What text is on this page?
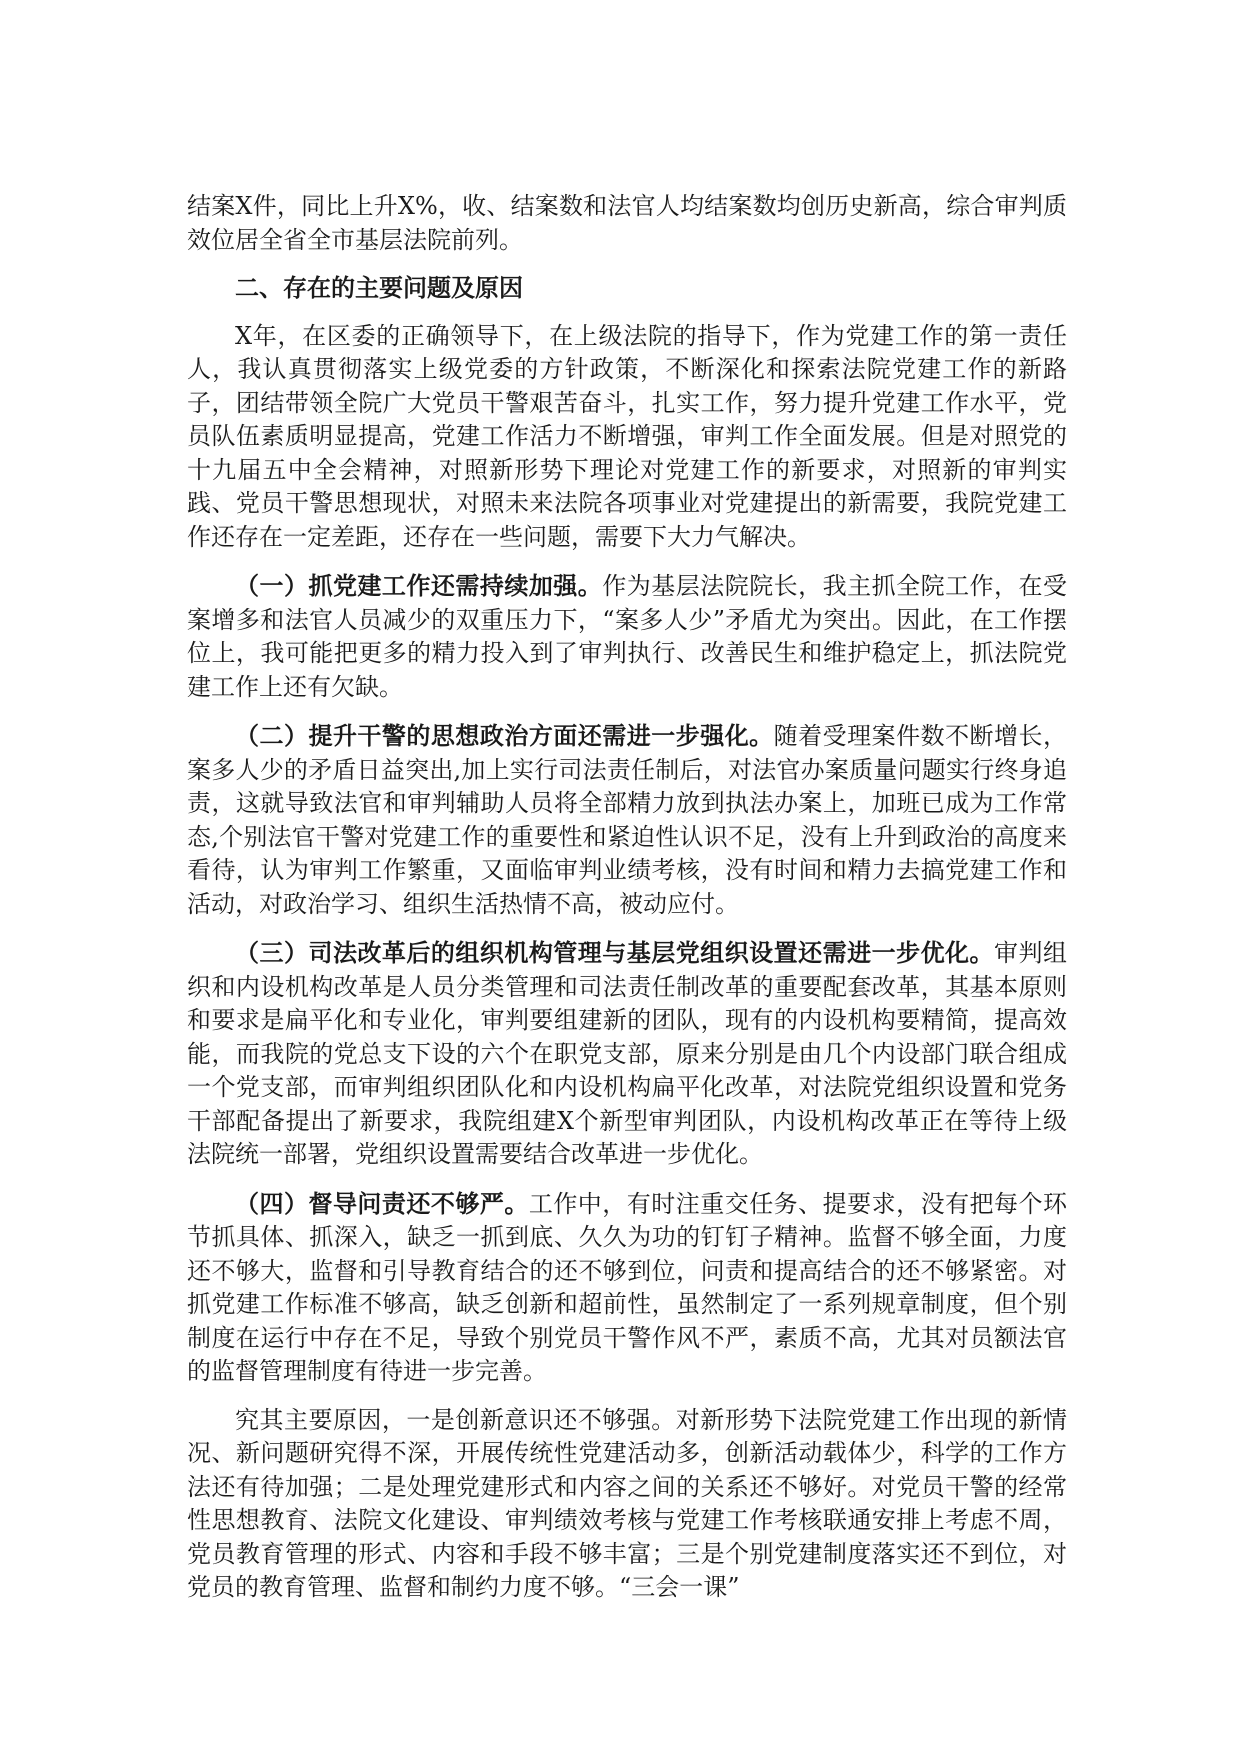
结案X件，同比上升X%，收、结案数和法官人均结案数均创历史新高，综合审判质效位居全省全市基层法院前列。

二、存在的主要问题及原因

X年，在区委的正确领导下，在上级法院的指导下，作为党建工作的第一责任人，我认真贯彻落实上级党委的方针政策，不断深化和探索法院党建工作的新路子，团结带领全院广大党员干警艰苦奋斗，扎实工作，努力提升党建工作水平，党员队伍素质明显提高，党建工作活力不断增强，审判工作全面发展。但是对照党的十九届五中全会精神，对照新形势下理论对党建工作的新要求，对照新的审判实践、党员干警思想现状，对照未来法院各项事业对党建提出的新需要，我院党建工作还存在一定差距，还存在一些问题，需要下大力气解决。

（一）抓党建工作还需持续加强。作为基层法院院长，我主抓全院工作，在受案增多和法官人员减少的双重压力下，“案多人少”矛盾尤为突出。因此，在工作摆位上，我可能把更多的精力投入到了审判执行、改善民生和维护稳定上，抓法院党建工作上还有欠缺。

（二）提升干警的思想政治方面还需进一步强化。随着受理案件数不断增长，案多人少的矛盾日益突出,加上实行司法责任制后，对法官办案质量问题实行终身追责，这就导致法官和审判辅助人员将全部精力放到执法办案上，加班已成为工作常态,个别法官干警对党建工作的重要性和紧迫性认识不足，没有上升到政治的高度来看待，认为审判工作繁重，又面临审判业绩考核，没有时间和精力去搞党建工作和活动，对政治学习、组织生活热情不高，被动应付。

（三）司法改革后的组织机构管理与基层党组织设置还需进一步优化。审判组织和内设机构改革是人员分类管理和司法责任制改革的重要配套改革，其基本原则和要求是扁平化和专业化，审判要组建新的团队，现有的内设机构要精简，提高效能，而我院的党总支下设的六个在职党支部，原来分别是由几个内设部门联合组成一个党支部，而审判组织团队化和内设机构扁平化改革，对法院党组织设置和党务干部配备提出了新要求，我院组建X个新型审判团队，内设机构改革正在等待上级法院统一部署，党组织设置需要结合改革进一步优化。

（四）督导问责还不够严。工作中，有时注重交任务、提要求，没有把每个环节抓具体、抓深入，缺乏一抓到底、久久为功的钉钉子精神。监督不够全面，力度还不够大，监督和引导教育结合的还不够到位，问责和提高结合的还不够紧密。对抓党建工作标准不够高，缺乏创新和超前性，虽然制定了一系列规章制度，但个别制度在运行中存在不足，导致个别党员干警作风不严，素质不高，尤其对员额法官的监督管理制度有待进一步完善。

究其主要原因，一是创新意识还不够强。对新形势下法院党建工作出现的新情况、新问题研究得不深，开展传统性党建活动多，创新活动载体少，科学的工作方法还有待加强；二是处理党建形式和内容之间的关系还不够好。对党员干警的经常性思想教育、法院文化建设、审判绩效考核与党建工作考核联通安排上考虑不周，党员教育管理的形式、内容和手段不够丰富；三是个别党建制度落实还不到位，对党员的教育管理、监督和制约力度不够。“三会一课”
